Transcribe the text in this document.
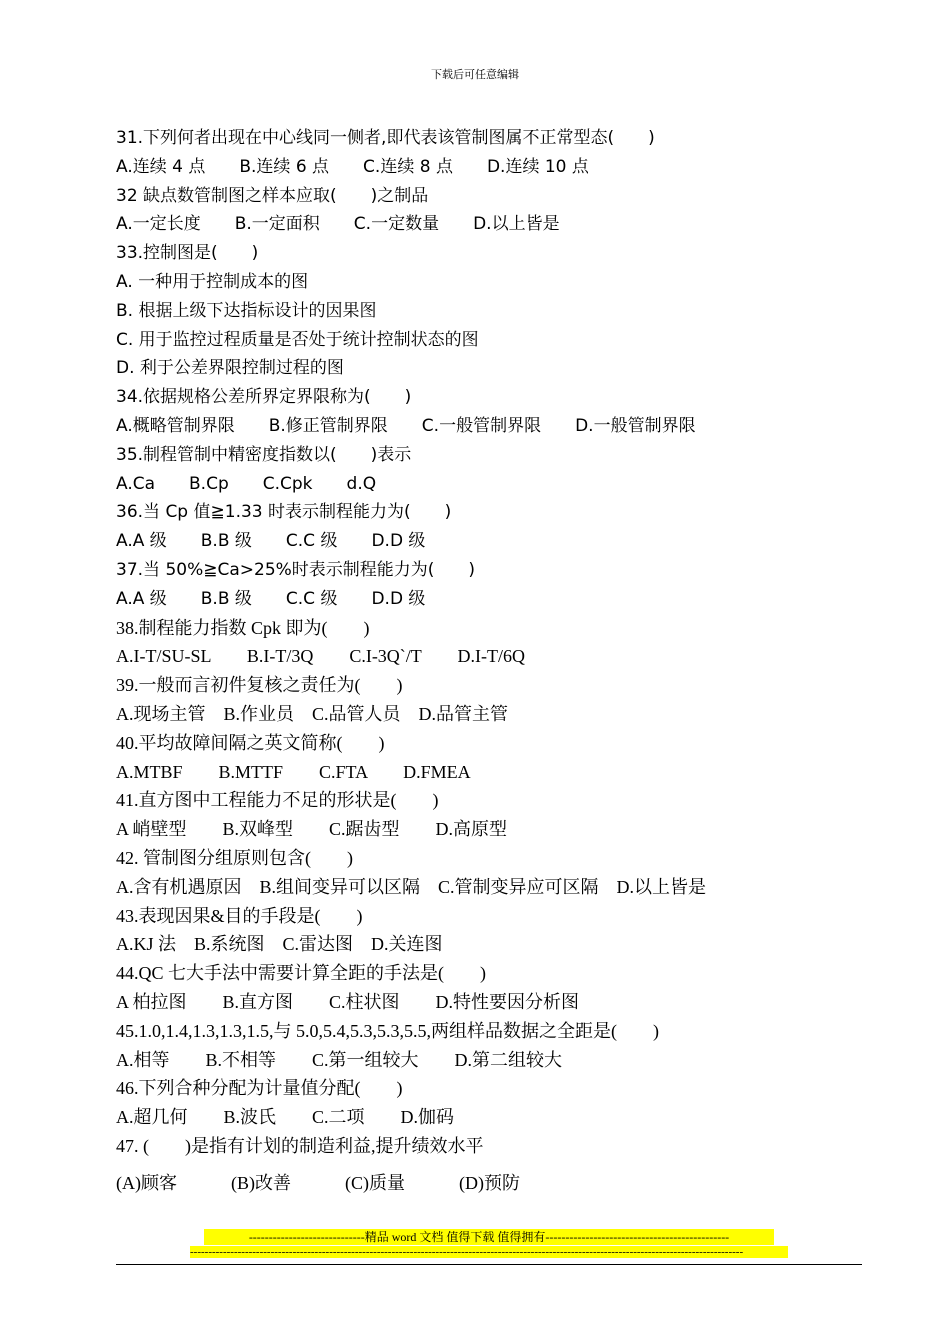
下载后可任意编辑
31.下列何者出现在中心线同一侧者,即代表该管制图属不正常型态(　　)
A.连续 4 点　　B.连续 6 点　　C.连续 8 点　　D.连续 10 点
32 缺点数管制图之样本应取(　　)之制品
A.一定长度　　B.一定面积　　C.一定数量　　D.以上皆是
33.控制图是(　　)
A. 一种用于控制成本的图
B. 根据上级下达指标设计的因果图
C. 用于监控过程质量是否处于统计控制状态的图
D. 利于公差界限控制过程的图
34.依据规格公差所界定界限称为(　　)
A.概略管制界限　　B.修正管制界限　　C.一般管制界限　　D.一般管制界限
35.制程管制中精密度指数以(　　)表示
A.Ca　　B.Cp　　C.Cpk　　d.Q
36.当 Cp 值≧1.33 时表示制程能力为(　　)
A.A 级　　B.B 级　　C.C 级　　D.D 级
37.当 50%≧Ca>25%时表示制程能力为(　　)
A.A 级　　B.B 级　　C.C 级　　D.D 级
38.制程能力指数 Cpk 即为(　　)
A.I-T/SU-SL　　B.I-T/3Q　　C.I-3Q`/T　　D.I-T/6Q
39.一般而言初件复核之责任为(　　)
A.现场主管　B.作业员　C.品管人员　D.品管主管
40.平均故障间隔之英文简称(　　)
A.MTBF　　B.MTTF　　C.FTA　　D.FMEA
41.直方图中工程能力不足的形状是(　　)
A 峭壁型　　B.双峰型　　C.踞齿型　　D.高原型
42. 管制图分组原则包含(　　)
A.含有机遇原因　B.组间变异可以区隔　C.管制变异应可区隔　D.以上皆是
43.表现因果&目的手段是(　　)
A.KJ 法　B.系统图　C.雷达图　D.关连图
44.QC 七大手法中需要计算全距的手法是(　　)
A 柏拉图　　B.直方图　　C.柱状图　　D.特性要因分析图
45.1.0,1.4,1.3,1.3,1.5,与 5.0,5.4,5.3,5.3,5.5,两组样品数据之全距是(　　)
A.相等　　B.不相等　　C.第一组较大　　D.第二组较大
46.下列合种分配为计量值分配(　　)
A.超几何　　B.波氏　　C.二项　　D.伽码
47. (　　)是指有计划的制造利益,提升绩效水平
(A)顾客　　　(B)改善　　　(C)质量　　　(D)预防
-----------------------------精品 word 文档 值得下载 值得拥有----------------------------------------------
-------------------------------------------------------------------------------------------------------------------------------------------------------
